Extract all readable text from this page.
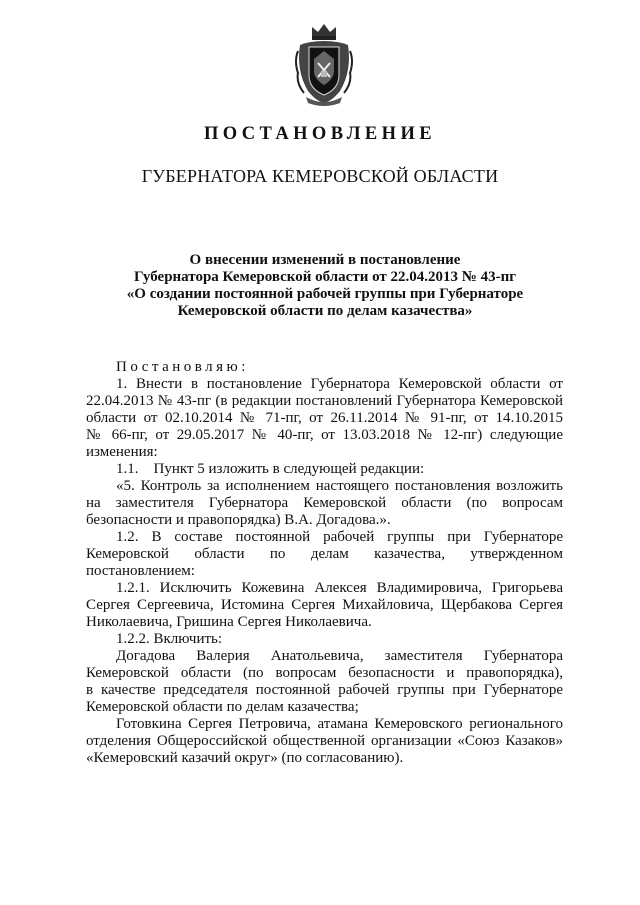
ПОСТАНОВЛЕНИЕ
ГУБЕРНАТОРА КЕМЕРОВСКОЙ ОБЛАСТИ
О внесении изменений в постановление
Губернатора Кемеровской области от 22.04.2013 № 43-пг
«О создании постоянной рабочей группы при Губернаторе
Кемеровской области по делам казачества»
Постановляю:
1. Внести в постановление Губернатора Кемеровской области от
22.04.2013 № 43-пг (в редакции постановлений Губернатора Кемеровской
области от 02.10.2014 № 71-пг, от 26.11.2014 № 91-пг, от 14.10.2015
№ 66-пг, от 29.05.2017 № 40-пг, от 13.03.2018 № 12-пг) следующие
изменения:
1.1.    Пункт 5 изложить в следующей редакции:
«5. Контроль за исполнением настоящего постановления возложить
на заместителя Губернатора Кемеровской области (по вопросам
безопасности и правопорядка) В.А. Догадова.».
1.2. В составе постоянной рабочей группы при Губернаторе
Кемеровской области по делам казачества, утвержденном
постановлением:
1.2.1. Исключить Кожевина Алексея Владимировича, Григорьева
Сергея Сергеевича, Истомина Сергея Михайловича, Щербакова Сергея
Николаевича, Гришина Сергея Николаевича.
1.2.2. Включить:
Догадова Валерия Анатольевича, заместителя Губернатора
Кемеровской области (по вопросам безопасности и правопорядка),
в качестве председателя постоянной рабочей группы при Губернаторе
Кемеровской области по делам казачества;
Готовкина Сергея Петровича, атамана Кемеровского регионального
отделения Общероссийской общественной организации «Союз Казаков»
«Кемеровский казачий округ» (по согласованию).
